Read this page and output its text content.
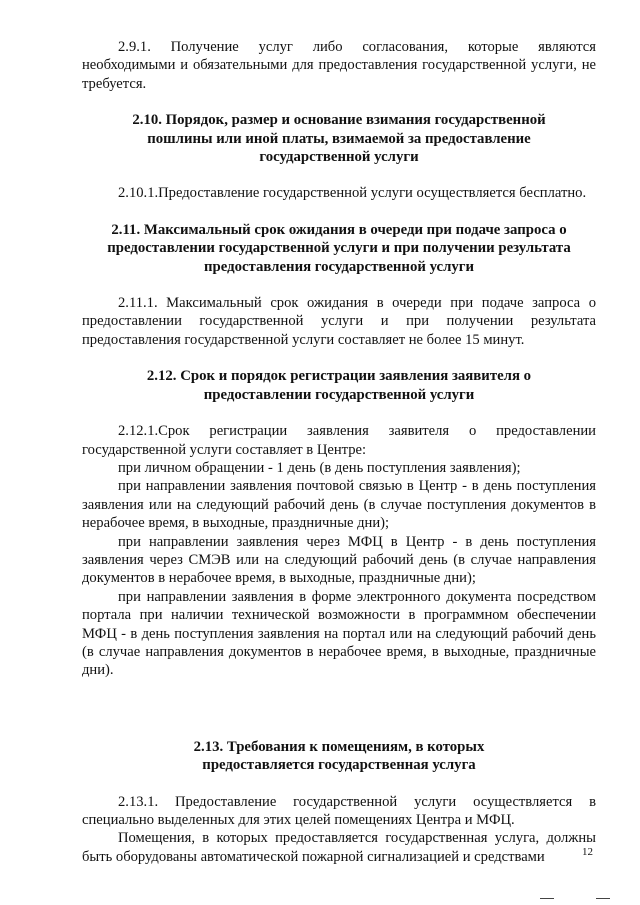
2.9.1. Получение услуг либо согласования, которые являются необходимыми и обязательными для предоставления государственной услуги, не требуется.

2.10. Порядок, размер и основание взимания государственной пошлины или иной платы, взимаемой за предоставление государственной услуги

2.10.1.Предоставление государственной услуги осуществляется бесплатно.

2.11. Максимальный срок ожидания в очереди при подаче запроса о предоставлении государственной услуги и при получении результата предоставления государственной услуги

2.11.1. Максимальный срок ожидания в очереди при подаче запроса о предоставлении государственной услуги и при получении результата предоставления государственной услуги составляет не более 15 минут.

2.12. Срок и порядок регистрации заявления заявителя о предоставлении государственной услуги

2.12.1.Срок регистрации заявления заявителя о предоставлении государственной услуги составляет в Центре:

при личном обращении - 1 день (в день поступления заявления);

при направлении заявления почтовой связью в Центр - в день поступления заявления или на следующий рабочий день (в случае поступления документов в нерабочее время, в выходные, праздничные дни);

при направлении заявления через МФЦ в Центр - в день поступления заявления через СМЭВ или на следующий рабочий день (в случае направления документов в нерабочее время, в выходные, праздничные дни);

при направлении заявления в форме электронного документа посредством портала при наличии технической возможности в программном обеспечении МФЦ - в день поступления заявления на портал или на следующий рабочий день (в случае направления документов в нерабочее время, в выходные, праздничные дни).

2.13. Требования к помещениям, в которых предоставляется государственная услуга

2.13.1. Предоставление государственной услуги осуществляется в специально выделенных для этих целей помещениях Центра и МФЦ.

Помещения, в которых предоставляется государственная услуга, должны быть оборудованы автоматической пожарной сигнализацией и средствами	12
